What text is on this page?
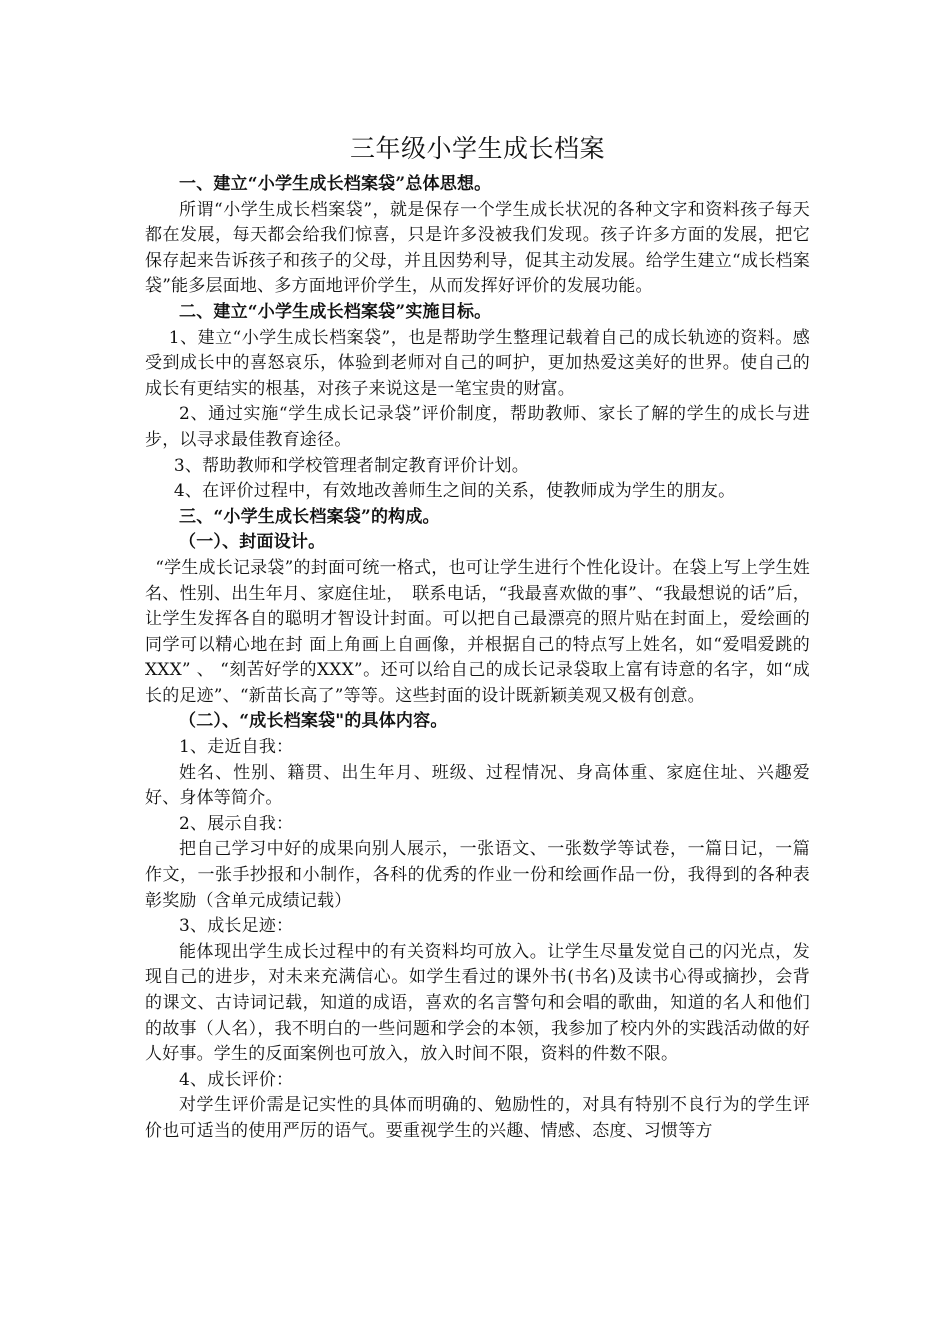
三年级小学生成长档案

一、建立“小学生成长档案袋”总体思想。

所谓“小学生成长档案袋”，就是保存一个学生成长状况的各种文字和资料孩子每天都在发展，每天都会给我们惊喜，只是许多没被我们发现。孩子许多方面的发展，把它保存起来告诉孩子和孩子的父母，并且因势利导，促其主动发展。给学生建立“成长档案袋”能多层面地、多方面地评价学生，从而发挥好评价的发展功能。

二、建立“小学生成长档案袋”实施目标。

1、建立“小学生成长档案袋”，也是帮助学生整理记载着自己的成长轨迹的资料。感受到成长中的喜怒哀乐，体验到老师对自己的呵护，更加热爱这美好的世界。使自己的成长有更结实的根基，对孩子来说这是一笔宝贵的财富。

2、通过实施“学生成长记录袋”评价制度，帮助教师、家长了解的学生的成长与进步，以寻求最佳教育途径。

3、帮助教师和学校管理者制定教育评价计划。

4、在评价过程中，有效地改善师生之间的关系，使教师成为学生的朋友。

三、“小学生成长档案袋”的构成。

（一）、封面设计。

“学生成长记录袋”的封面可统一格式，也可让学生进行个性化设计。在袋上写上学生姓名、性别、出生年月、家庭住址，　联系电话，“我最喜欢做的事”、“我最想说的话”后，让学生发挥各自的聪明才智设计封面。可以把自己最漂亮的照片贴在封面上，爱绘画的同学可以精心地在封 面上角画上自画像，并根据自己的特点写上姓名，如“爱唱爱跳的XXX” 、 “刻苦好学的XXX”。还可以给自己的成长记录袋取上富有诗意的名字，如“成长的足迹”、“新苗长高了”等等。这些封面的设计既新颖美观又极有创意。

（二）、“成长档案袋"的具体内容。

1、走近自我：

姓名、性别、籍贯、出生年月、班级、过程情况、身高体重、家庭住址、兴趣爱好、身体等简介。

2、展示自我：

把自己学习中好的成果向别人展示，一张语文、一张数学等试卷，一篇日记，一篇作文，一张手抄报和小制作，各科的优秀的作业一份和绘画作品一份，我得到的各种表彰奖励（含单元成绩记载）

3、成长足迹：

能体现出学生成长过程中的有关资料均可放入。让学生尽量发觉自己的闪光点，发现自己的进步，对未来充满信心。如学生看过的课外书(书名)及读书心得或摘抄，会背的课文、古诗词记载，知道的成语，喜欢的名言警句和会唱的歌曲，知道的名人和他们的故事（人名），我不明白的一些问题和学会的本领，我参加了校内外的实践活动做的好人好事。学生的反面案例也可放入，放入时间不限，资料的件数不限。

4、成长评价：

对学生评价需是记实性的具体而明确的、勉励性的，对具有特别不良行为的学生评价也可适当的使用严厉的语气。要重视学生的兴趣、情感、态度、习惯等方
